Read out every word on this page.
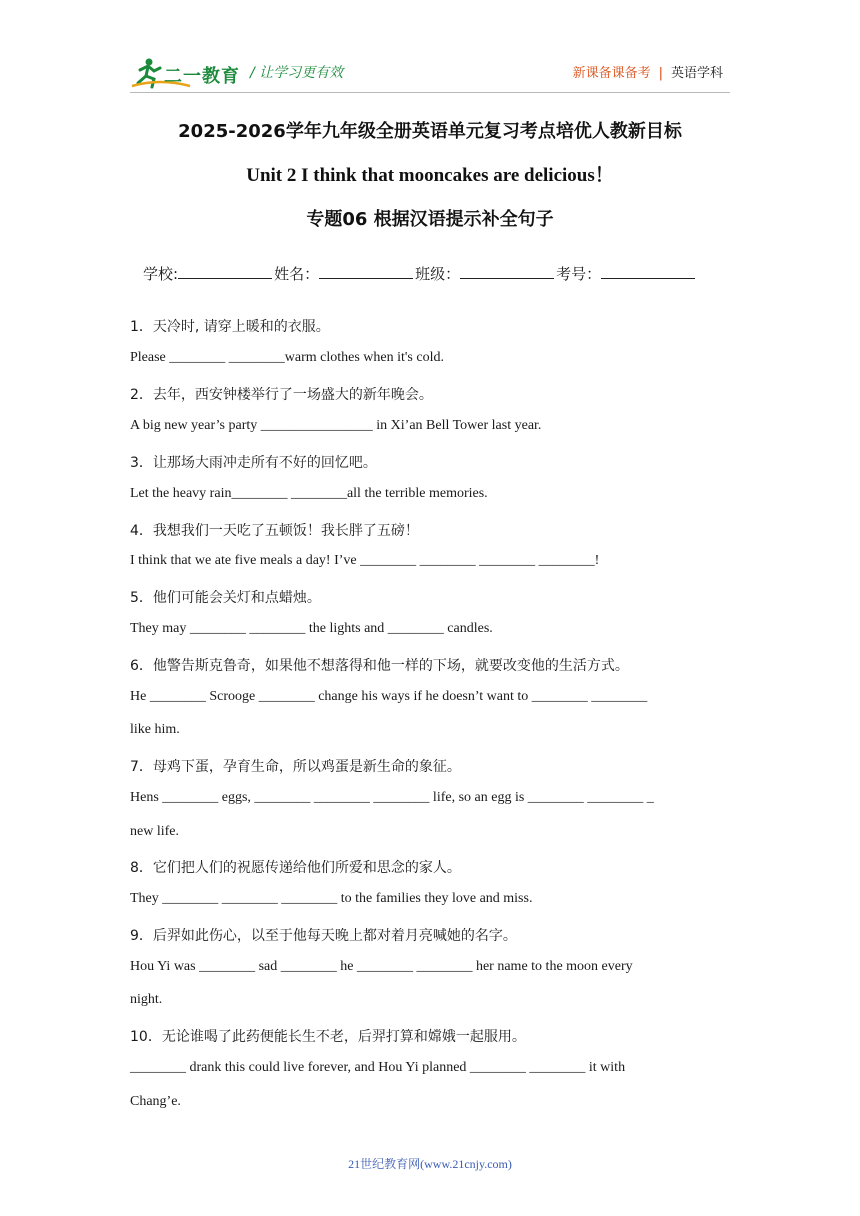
二一教育 / 让学习更有效	新课备课备考 | 英语学科
2025-2026学年九年级全册英语单元复习考点培优人教新目标
Unit 2 I think that mooncakes are delicious！
专题06 根据汉语提示补全句子
学校:	姓名：	班级：	考号：
1．天冷时, 请穿上暖和的衣服。
Please ________ ________warm clothes when it's cold.
2．去年，西安钟楼举行了一场盛大的新年晚会。
A big new year’s party ________________ in Xi’an Bell Tower last year.
3．让那场大雨冲走所有不好的回忆吧。
Let the heavy rain________ ________all the terrible memories.
4．我想我们一天吃了五顿饭！我长胖了五磅！
I think that we ate five meals a day! I’ve ________ ________ ________ ________!
5．他们可能会关灯和点蜡烛。
They may ________ ________ the lights and ________ candles.
6．他警告斯克鲁奇，如果他不想落得和他一样的下场，就要改变他的生活方式。
He ________ Scrooge ________ change his ways if he doesn’t want to ________ ________
like him.
7．母鸡下蛋，孕育生命，所以鸡蛋是新生命的象征。
Hens ________ eggs, ________ ________ ________ life, so an egg is ________ ________ _
new life.
8．它们把人们的祝愿传递给他们所爱和思念的家人。
They ________ ________ ________ to the families they love and miss.
9．后羿如此伤心，以至于他每天晚上都对着月亮喊她的名字。
Hou Yi was ________ sad ________ he ________ ________ her name to the moon every
night.
10．无论谁喝了此药便能长生不老，后羿打算和嫦娥一起服用。
________ drank this could live forever, and Hou Yi planned ________ ________ it with
Chang’e.
21世纪教育网(www.21cnjy.com)
